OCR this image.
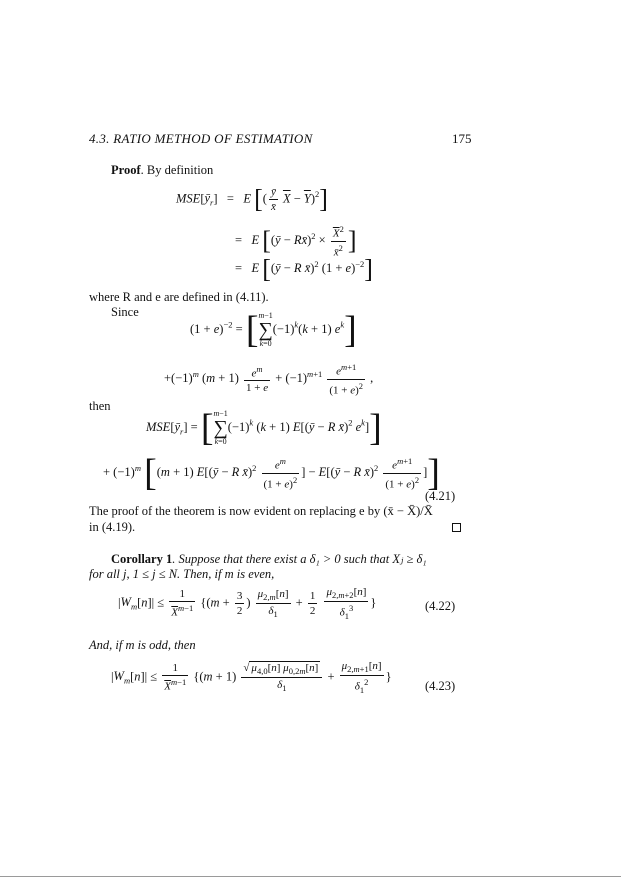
4.3. RATIO METHOD OF ESTIMATION	175
Proof. By definition
$MSE[ȳ_r] = E$ [( $\frac{ȳ}{x̄} \overline{X} - \overline{Y})^2$]
=   E [(ȳ − Rx̄)$^2$ × $\frac{\overline{X}^2}{x̄^2}$ ]
=   E [(ȳ − R x̄)$^2$ $(1 + e)^{-2}$]
where R and e are defined in (4.11).
Since
$(1 + e)^{-2}$ = [ m−1
∑
k=0
$(-1)^k(k + 1)$ $e^k$]
$+(-1)^m$ $(m + 1) \frac{e^m}{1 + e} + (-1)^{m+1} \frac{e^{m+1}}{(1 + e)^2}$ ,
then
$MSE[ȳ_r]$ = [ m−1
∑
k=0
$(-1)^k$ (k + 1) E[(ȳ − R x̄)$^2$ $e^k$]]
+ $(-1)^m$ [(m + 1) E[(ȳ − R x̄)$^2$ $\frac{e^m}{(1 + e)^2}$ ] − E[(ȳ − R x̄)$^2$ $\frac{e^{m+1}}{(1 + e)^2}$ ]]
(4.21)
The proof of the theorem is now evident on replacing e by (x̄ − X̄)/X̄
in (4.19).
Corollary 1. Suppose that there exist a δ₁ > 0 such that Xⱼ ≥ δ₁
for all j, 1 ≤ j ≤ N. Then, if m is even,
$|W_m[n]| \le \frac{1}{\overline{X}^{m-1}} \{(m + \frac{3}{2}$ ) $\frac{\mu_{2,m}[n]}{\delta_1} + \frac{1}{2}$
$\frac{\mu_{2,m+2}[n]}{\delta_1^3}$ }	(4.22)
And, if m is odd, then
$|W_m[n]| \le \frac{1}{\overline{X}^{m-1}} \{(m + 1) \frac{√ \mu_{4,0}[n] \mu_{0,2m}[n]}{\delta_1} + \frac{\mu_{2,m+1}[n]}{\delta_1^2}$ }
(4.23)
